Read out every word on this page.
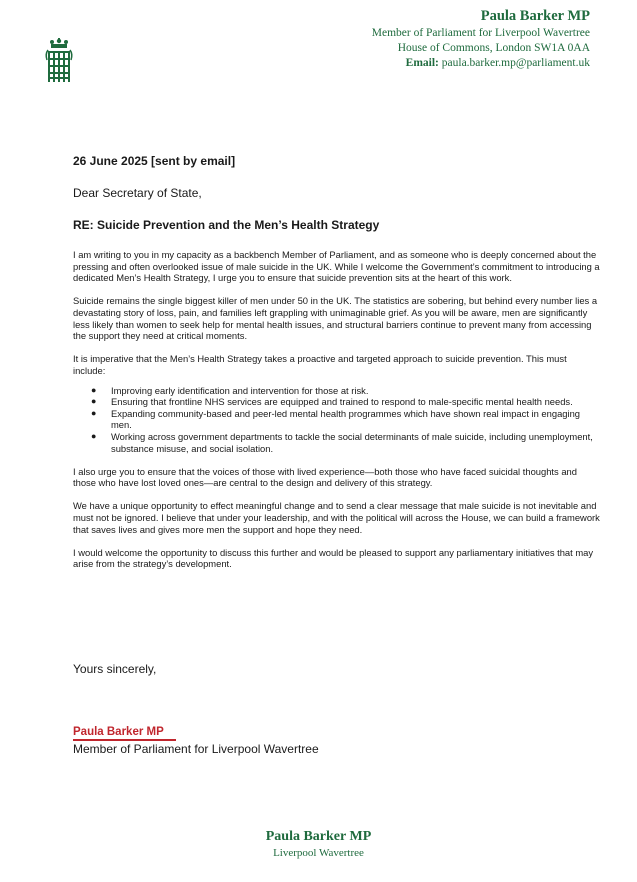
Paula Barker MP
Member of Parliament for Liverpool Wavertree
House of Commons, London SW1A 0AA
Email: paula.barker.mp@parliament.uk
26 June 2025 [sent by email]
Dear Secretary of State,
RE: Suicide Prevention and the Men’s Health Strategy

I am writing to you in my capacity as a backbench Member of Parliament, and as someone who is deeply concerned about the pressing and often overlooked issue of male suicide in the UK. While I welcome the Government’s commitment to introducing a dedicated Men’s Health Strategy, I urge you to ensure that suicide prevention sits at the heart of this work.

Suicide remains the single biggest killer of men under 50 in the UK. The statistics are sobering, but behind every number lies a devastating story of loss, pain, and families left grappling with unimaginable grief. As you will be aware, men are significantly less likely than women to seek help for mental health issues, and structural barriers continue to prevent many from accessing the support they need at critical moments.

It is imperative that the Men’s Health Strategy takes a proactive and targeted approach to suicide prevention. This must include:

● Improving early identification and intervention for those at risk.
● Ensuring that frontline NHS services are equipped and trained to respond to male-specific mental health needs.
● Expanding community-based and peer-led mental health programmes which have shown real impact in engaging men.
● Working across government departments to tackle the social determinants of male suicide, including unemployment, substance misuse, and social isolation.

I also urge you to ensure that the voices of those with lived experience—both those who have faced suicidal thoughts and those who have lost loved ones—are central to the design and delivery of this strategy.

We have a unique opportunity to effect meaningful change and to send a clear message that male suicide is not inevitable and must not be ignored. I believe that under your leadership, and with the political will across the House, we can build a framework that saves lives and gives more men the support and hope they need.

I would welcome the opportunity to discuss this further and would be pleased to support any parliamentary initiatives that may arise from the strategy’s development.

Yours sincerely,
Paula Barker MP
Member of Parliament for Liverpool Wavertree
Paula Barker MP
Liverpool Wavertree
